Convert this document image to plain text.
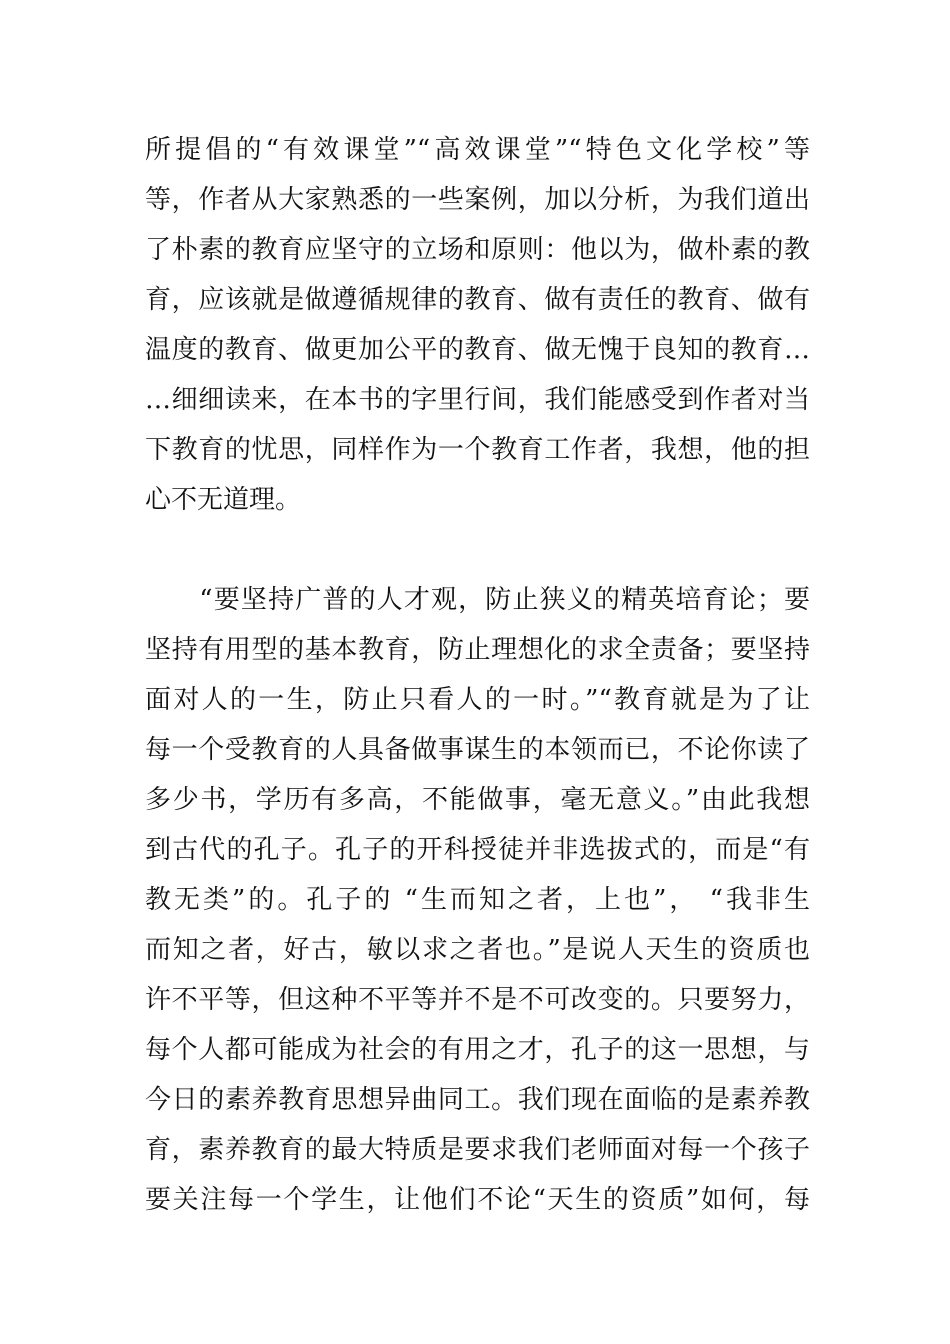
所提倡的“有效课堂”“高效课堂”“特色文化学校”等
等，作者从大家熟悉的一些案例，加以分析，为我们道出
了朴素的教育应坚守的立场和原则：他以为，做朴素的教
育，应该就是做遵循规律的教育、做有责任的教育、做有
温度的教育、做更加公平的教育、做无愧于良知的教育…
…细细读来，在本书的字里行间，我们能感受到作者对当
下教育的忧思，同样作为一个教育工作者，我想，他的担
心不无道理。
　　“要坚持广普的人才观，防止狭义的精英培育论；要
坚持有用型的基本教育，防止理想化的求全责备；要坚持
面对人的一生，防止只看人的一时。”“教育就是为了让
每一个受教育的人具备做事谋生的本领而已，不论你读了
多少书，学历有多高，不能做事，毫无意义。”由此我想
到古代的孔子。孔子的开科授徒并非选拔式的，而是“有
教无类”的。孔子的 “生而知之者，上也”， “我非生
而知之者，好古，敏以求之者也。”是说人天生的资质也
许不平等，但这种不平等并不是不可改变的。只要努力，
每个人都可能成为社会的有用之才，孔子的这一思想，与
今日的素养教育思想异曲同工。我们现在面临的是素养教
育，素养教育的最大特质是要求我们老师面对每一个孩子
要关注每一个学生，让他们不论“天生的资质”如何，每
